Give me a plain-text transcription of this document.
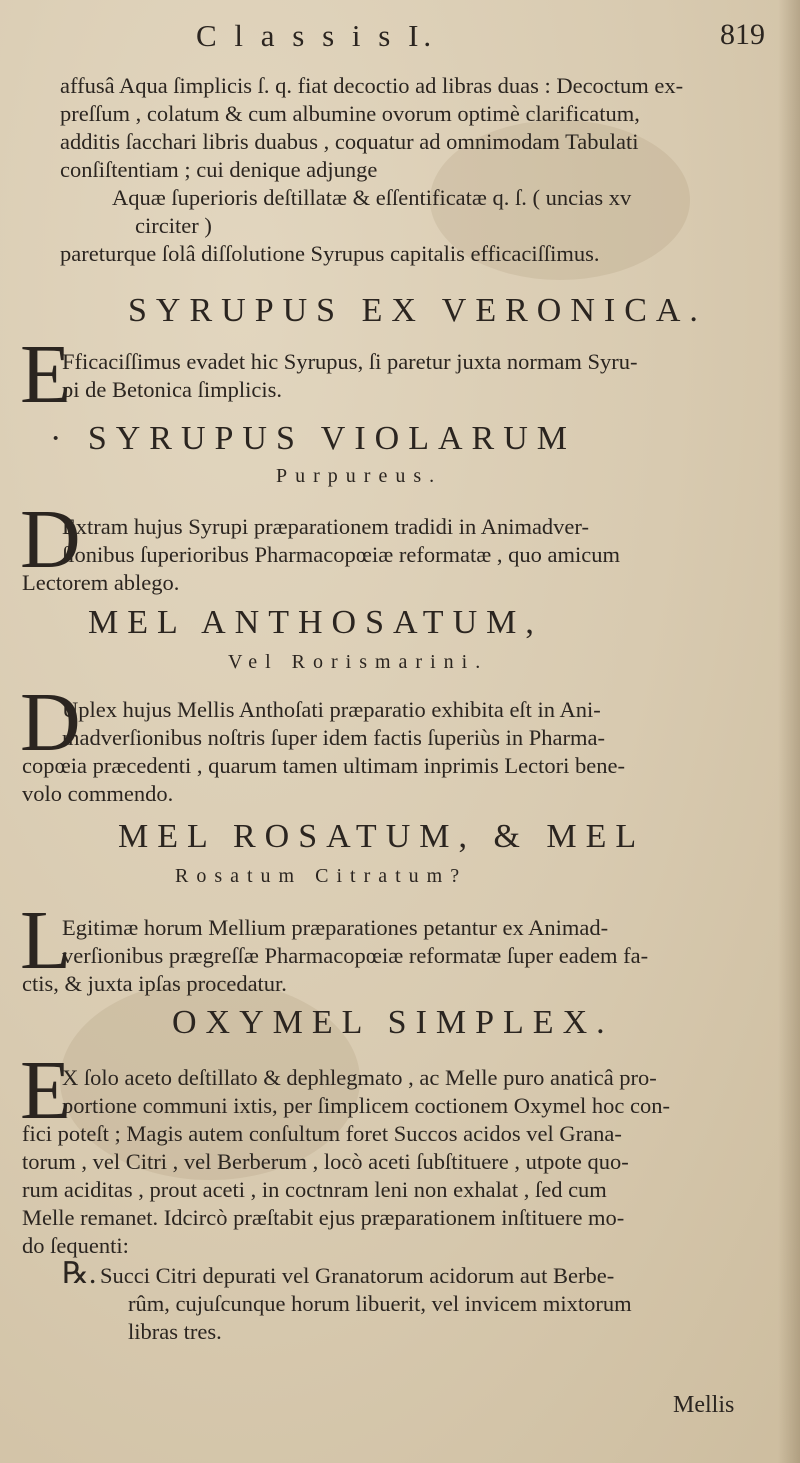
C l a s s i s I.	819
affusâ Aqua ſimplicis ſ. q. fiat decoctio ad libras duas : Decoctum ex-
preſſum , colatum & cum albumine ovorum optimè clarificatum,
additis ſacchari libris duabus , coquatur ad omnimodam Tabulati
conſiſtentiam ; cui denique adjunge
Aquæ ſuperioris deſtillatæ & eſſentificatæ q. ſ. ( uncias xv
circiter )
pareturque ſolâ diſſolutione Syrupus capitalis efficaciſſimus.
SYRUPUS EX VERONICA.
E
Fficaciſſimus evadet hic Syrupus, ſi paretur juxta normam Syru-
pi de Betonica ſimplicis.
· SYRUPUS VIOLARUM
Purpureus.
D
Extram hujus Syrupi præparationem tradidi in Animadver-
ſionibus ſuperioribus Pharmacopœiæ reformatæ , quo amicum
Lectorem ablego.
MEL ANTHOSATUM,
Vel Rorismarini.
D
Uplex hujus Mellis Anthoſati præparatio exhibita eſt in Ani-
madverſionibus noſtris ſuper idem factis ſuperiùs in Pharma-
copœia præcedenti , quarum tamen ultimam inprimis Lectori bene-
volo commendo.
MEL ROSATUM, & MEL
Rosatum Citratum?
L
Egitimæ horum Mellium præparationes petantur ex Animad-
verſionibus prægreſſæ Pharmacopœiæ reformatæ ſuper eadem fa-
ctis, & juxta ipſas procedatur.
OXYMEL SIMPLEX.
E
X ſolo aceto deſtillato & dephlegmato , ac Melle puro anaticâ pro-
portione communi ixtis, per ſimplicem coctionem Oxymel hoc con-
fici poteſt ; Magis autem conſultum foret Succos acidos vel Grana-
torum , vel Citri , vel Berberum , locò aceti ſubſtituere , utpote quo-
rum aciditas , prout aceti , in coctnram leni non exhalat , ſed cum
Melle remanet. Idcircò præſtabit ejus præparationem inſtituere mo-
do ſequenti:
℞. Succi Citri depurati vel Granatorum acidorum aut Berbe-
rûm, cujuſcunque horum libuerit, vel invicem mixtorum
libras tres.
Mellis
